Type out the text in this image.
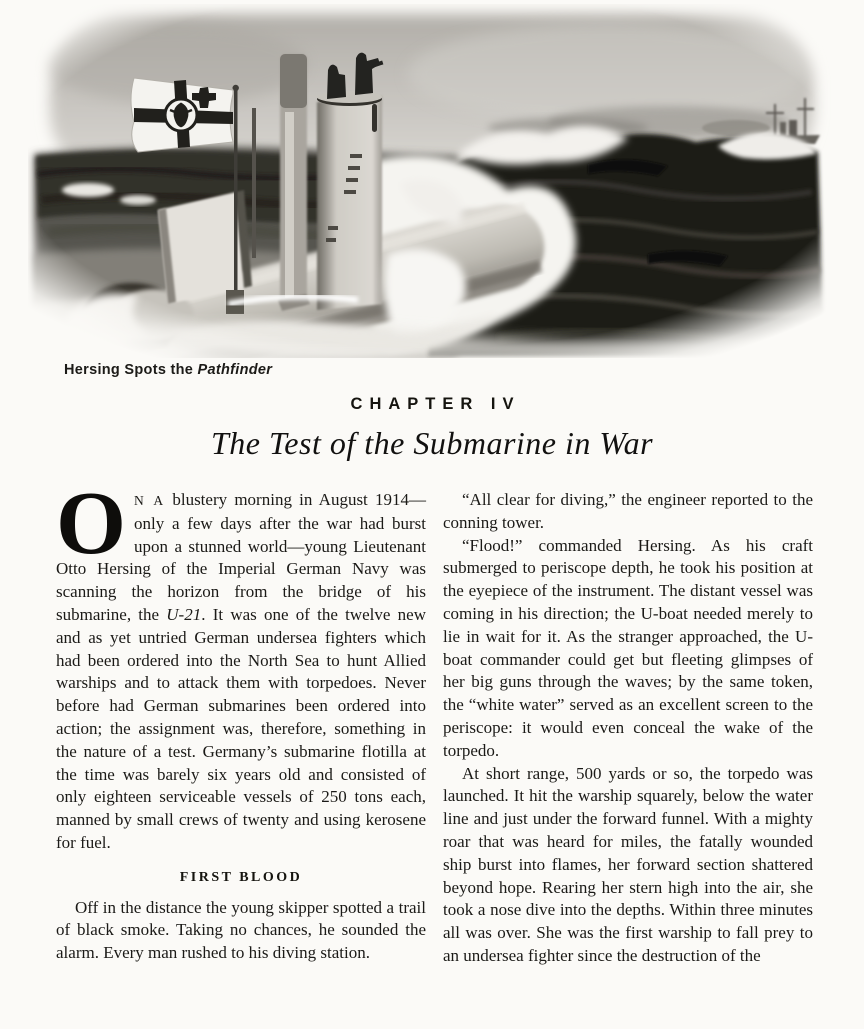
Hersing Spots the Pathfinder
CHAPTER IV
The Test of the Submarine in War

O N A blustery morning in August 1914—only a few days after the war had burst upon a stunned world—young Lieutenant Otto Hersing of the Imperial German Navy was scanning the horizon from the bridge of his submarine, the U-21. It was one of the twelve new and as yet untried German undersea fighters which had been ordered into the North Sea to hunt Allied warships and to attack them with torpedoes. Never before had German submarines been ordered into action; the assignment was, therefore, something in the nature of a test. Germany’s submarine flotilla at the time was barely six years old and consisted of only eighteen serviceable vessels of 250 tons each, manned by small crews of twenty and using kerosene for fuel.

FIRST BLOOD

Off in the distance the young skipper spotted a trail of black smoke. Taking no chances, he sounded the alarm. Every man rushed to his diving station.

“All clear for diving,” the engineer reported to the conning tower.

“Flood!” commanded Hersing. As his craft submerged to periscope depth, he took his position at the eyepiece of the instrument. The distant vessel was coming in his direction; the U-boat needed merely to lie in wait for it. As the stranger approached, the U-boat commander could get but fleeting glimpses of her big guns through the waves; by the same token, the “white water” served as an excellent screen to the periscope: it would even conceal the wake of the torpedo.

At short range, 500 yards or so, the torpedo was launched. It hit the warship squarely, below the water line and just under the forward funnel. With a mighty roar that was heard for miles, the fatally wounded ship burst into flames, her forward section shattered beyond hope. Rearing her stern high into the air, she took a nose dive into the depths. Within three minutes all was over. She was the first warship to fall prey to an undersea fighter since the destruction of the
